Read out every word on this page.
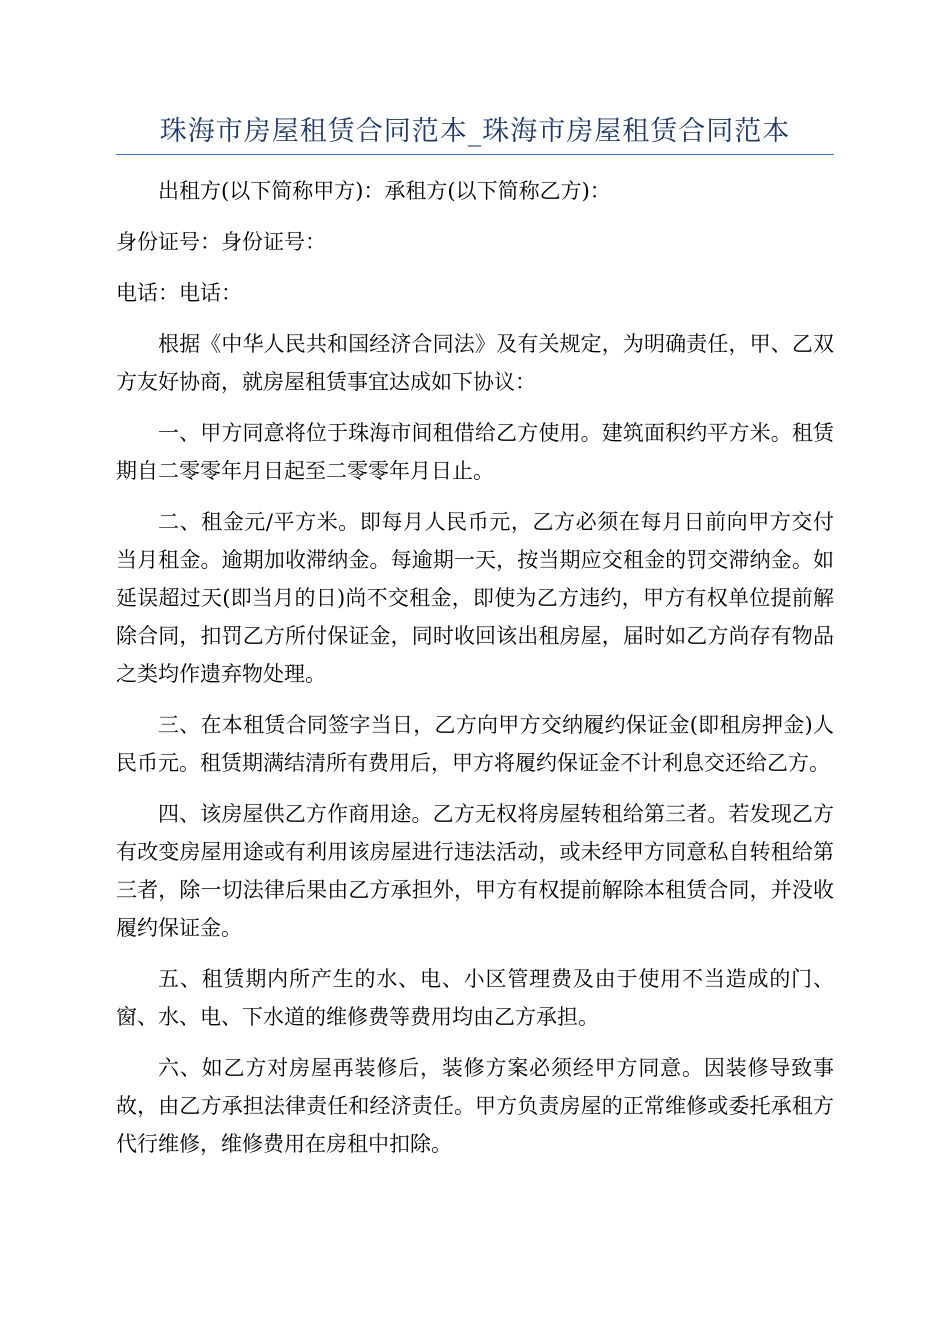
珠海市房屋租赁合同范本_珠海市房屋租赁合同范本

出租方(以下简称甲方)：承租方(以下简称乙方)：

身份证号：身份证号：

电话：电话：

根据《中华人民共和国经济合同法》及有关规定，为明确责任，甲、乙双方友好协商，就房屋租赁事宜达成如下协议：

一、甲方同意将位于珠海市间租借给乙方使用。建筑面积约平方米。租赁期自二零零年月日起至二零零年月日止。

二、租金元/平方米。即每月人民币元，乙方必须在每月日前向甲方交付当月租金。逾期加收滞纳金。每逾期一天，按当期应交租金的罚交滞纳金。如延误超过天(即当月的日)尚不交租金，即使为乙方违约，甲方有权单位提前解除合同，扣罚乙方所付保证金，同时收回该出租房屋，届时如乙方尚存有物品之类均作遗弃物处理。

三、在本租赁合同签字当日，乙方向甲方交纳履约保证金(即租房押金)人民币元。租赁期满结清所有费用后，甲方将履约保证金不计利息交还给乙方。

四、该房屋供乙方作商用途。乙方无权将房屋转租给第三者。若发现乙方有改变房屋用途或有利用该房屋进行违法活动，或未经甲方同意私自转租给第三者，除一切法律后果由乙方承担外，甲方有权提前解除本租赁合同，并没收履约保证金。

五、租赁期内所产生的水、电、小区管理费及由于使用不当造成的门、窗、水、电、下水道的维修费等费用均由乙方承担。

六、如乙方对房屋再装修后，装修方案必须经甲方同意。因装修导致事故，由乙方承担法律责任和经济责任。甲方负责房屋的正常维修或委托承租方代行维修，维修费用在房租中扣除。
